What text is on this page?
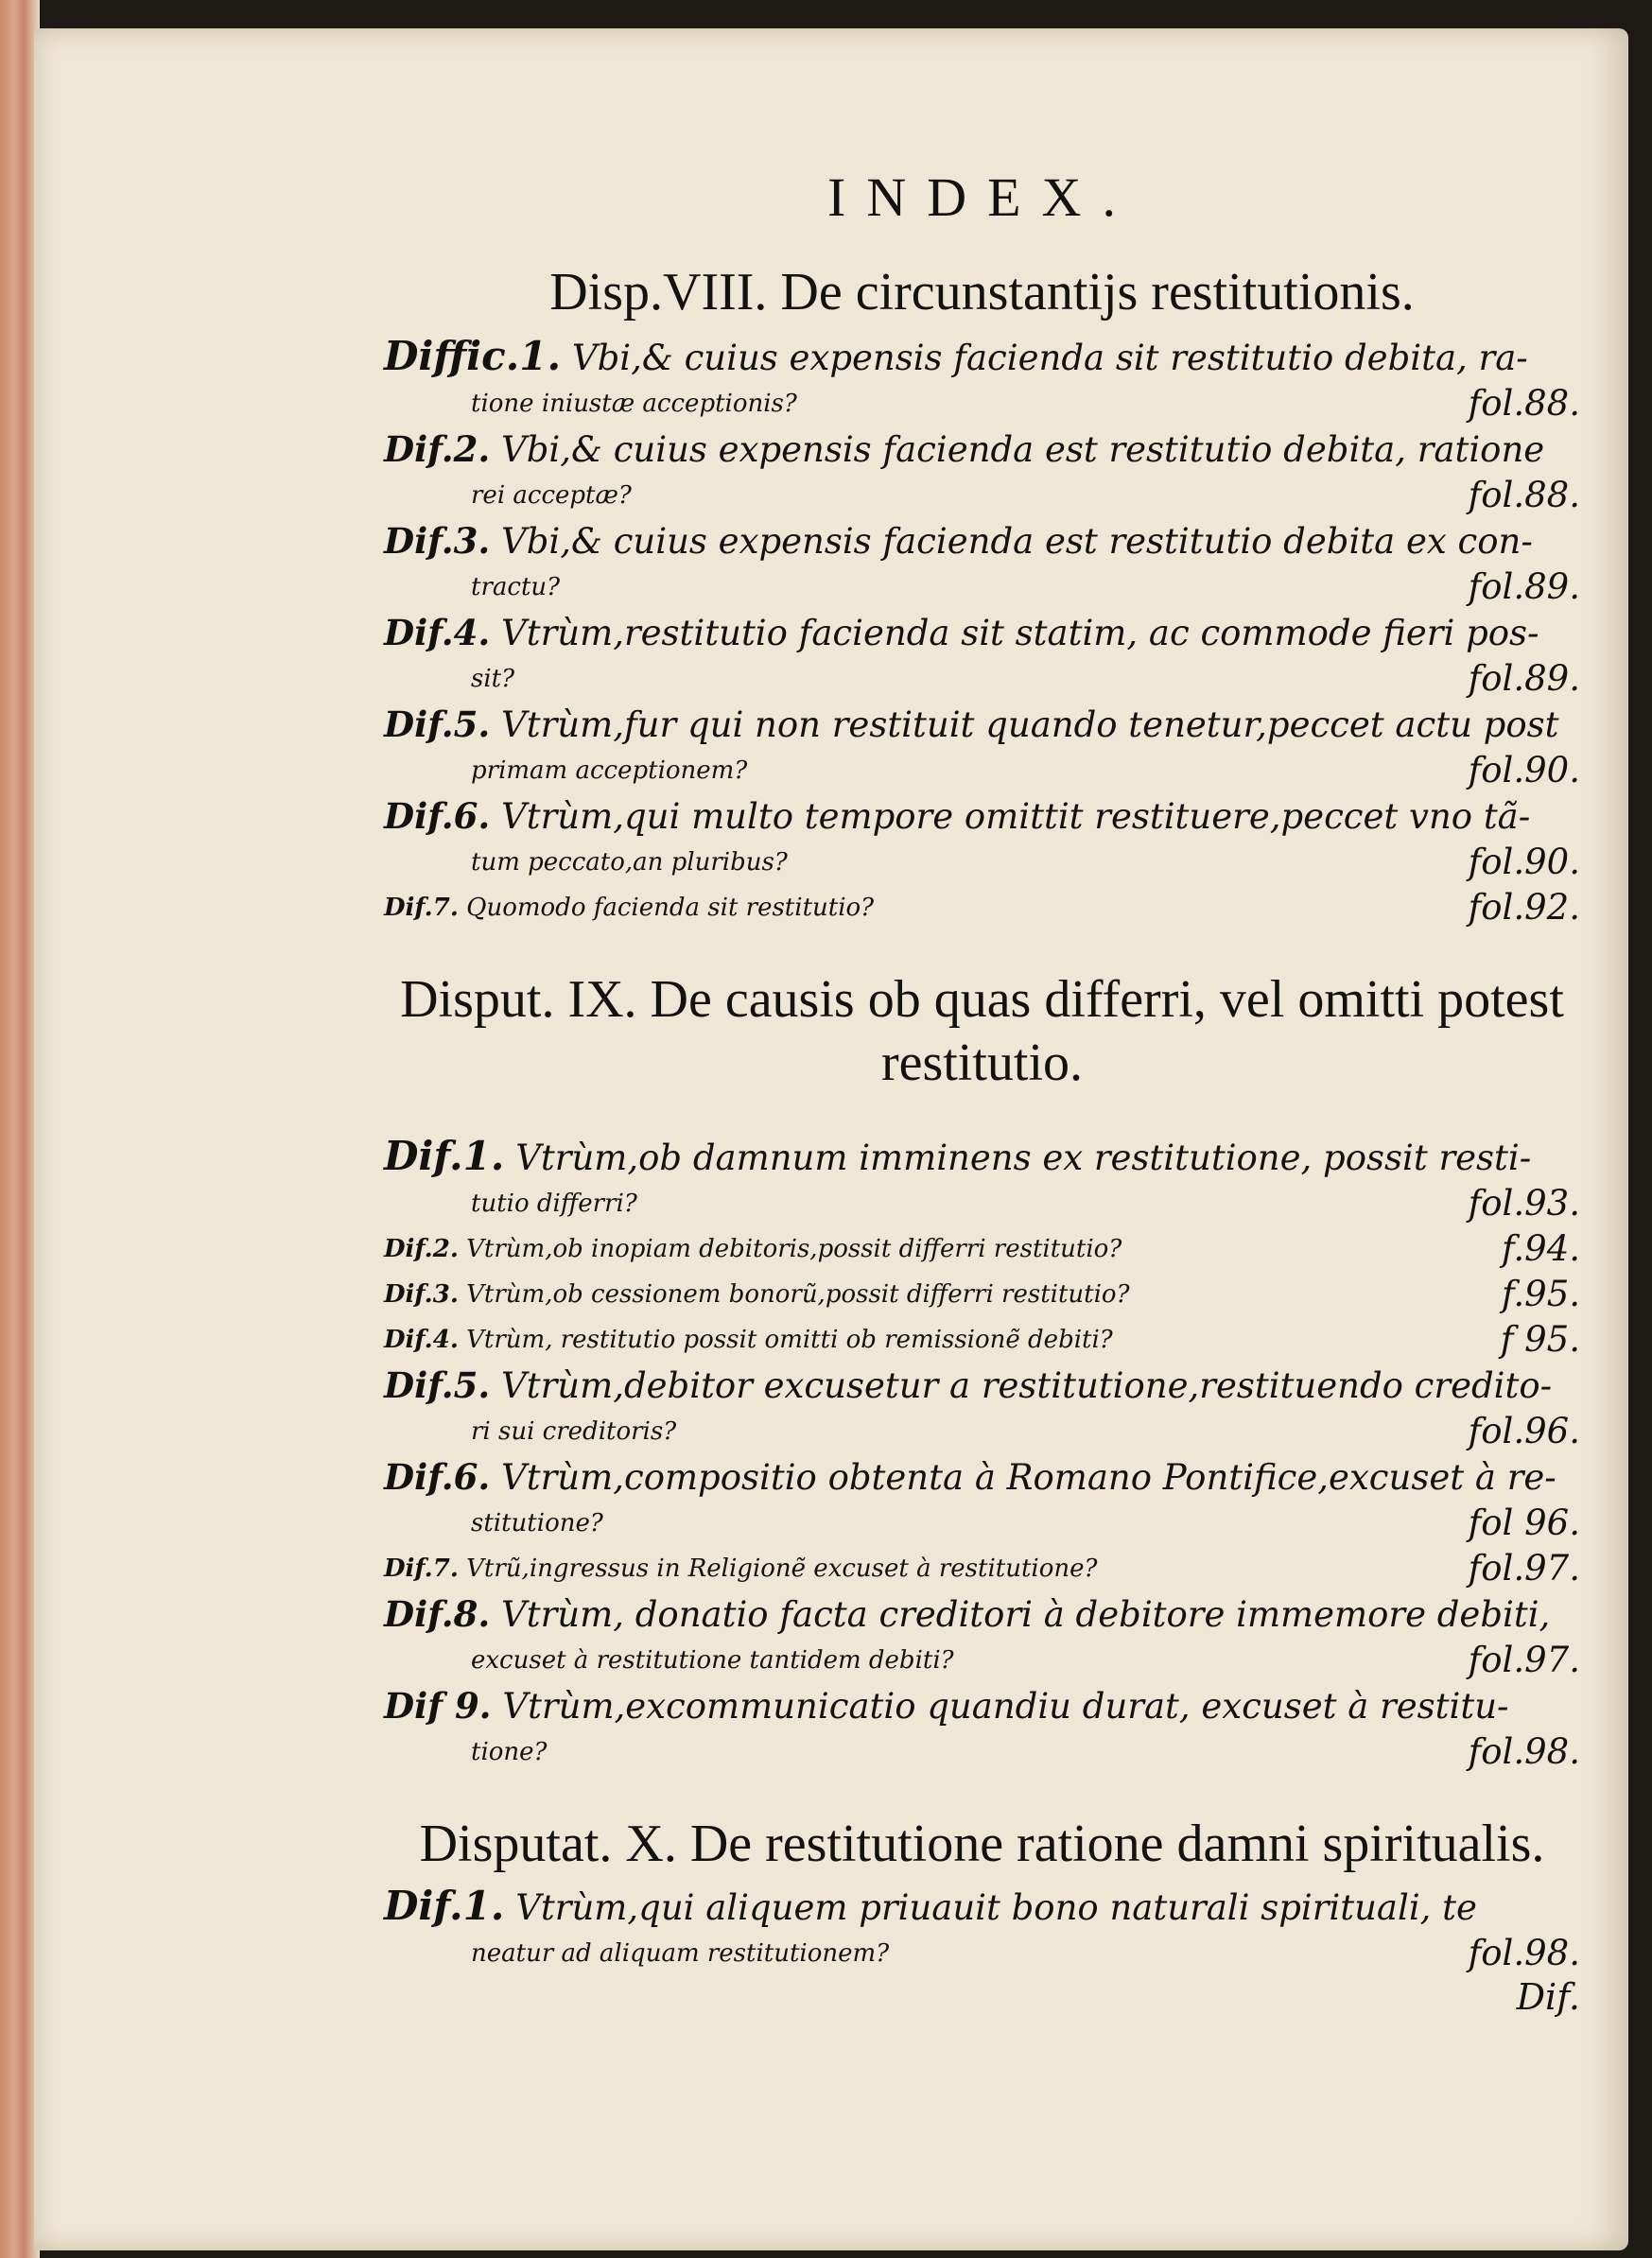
INDEX.
Disp.VIII. De circunstantijs restitutionis.
Diffic.1. Vbi,& cuius expensis facienda sit restitutio debita, ra-
tione iniustæ acceptionis?	fol.88.
Dif.2. Vbi,& cuius expensis facienda est restitutio debita, ratione
rei acceptæ?	fol.88.
Dif.3. Vbi,& cuius expensis facienda est restitutio debita ex con-
tractu?	fol.89.
Dif.4. Vtrùm,restitutio facienda sit statim, ac commode fieri pos-
sit?	fol.89.
Dif.5. Vtrùm,fur qui non restituit quando tenetur,peccet actu post
primam acceptionem?	fol.90.
Dif.6. Vtrùm,qui multo tempore omittit restituere,peccet vno tã-
tum peccato,an pluribus?	fol.90.
Dif.7. Quomodo facienda sit restitutio?	fol.92.
Disput. IX. De causis ob quas differri, vel omitti potest restitutio.
Dif.1. Vtrùm,ob damnum imminens ex restitutione, possit resti-
tutio differri?	fol.93.
Dif.2. Vtrùm,ob inopiam debitoris,possit differri restitutio?	f.94.
Dif.3. Vtrùm,ob cessionem bonorũ,possit differri restitutio?	f.95.
Dif.4. Vtrùm, restitutio possit omitti ob remissionẽ debiti?	f 95.
Dif.5. Vtrùm,debitor excusetur a restitutione,restituendo credito-
ri sui creditoris?	fol.96.
Dif.6. Vtrùm,compositio obtenta à Romano Pontifice,excuset à re-
stitutione?	fol 96.
Dif.7. Vtrũ,ingressus in Religionẽ excuset à restitutione?	fol.97.
Dif.8. Vtrùm, donatio facta creditori à debitore immemore debiti,
excuset à restitutione tantidem debiti?	fol.97.
Dif 9. Vtrùm,excommunicatio quandiu durat, excuset à restitu-
tione?	fol.98.
Disputat. X. De restitutione ratione damni spiritualis.
Dif.1. Vtrùm,qui aliquem priuauit bono naturali spirituali, te
neatur ad aliquam restitutionem?	fol.98.
Dif.
